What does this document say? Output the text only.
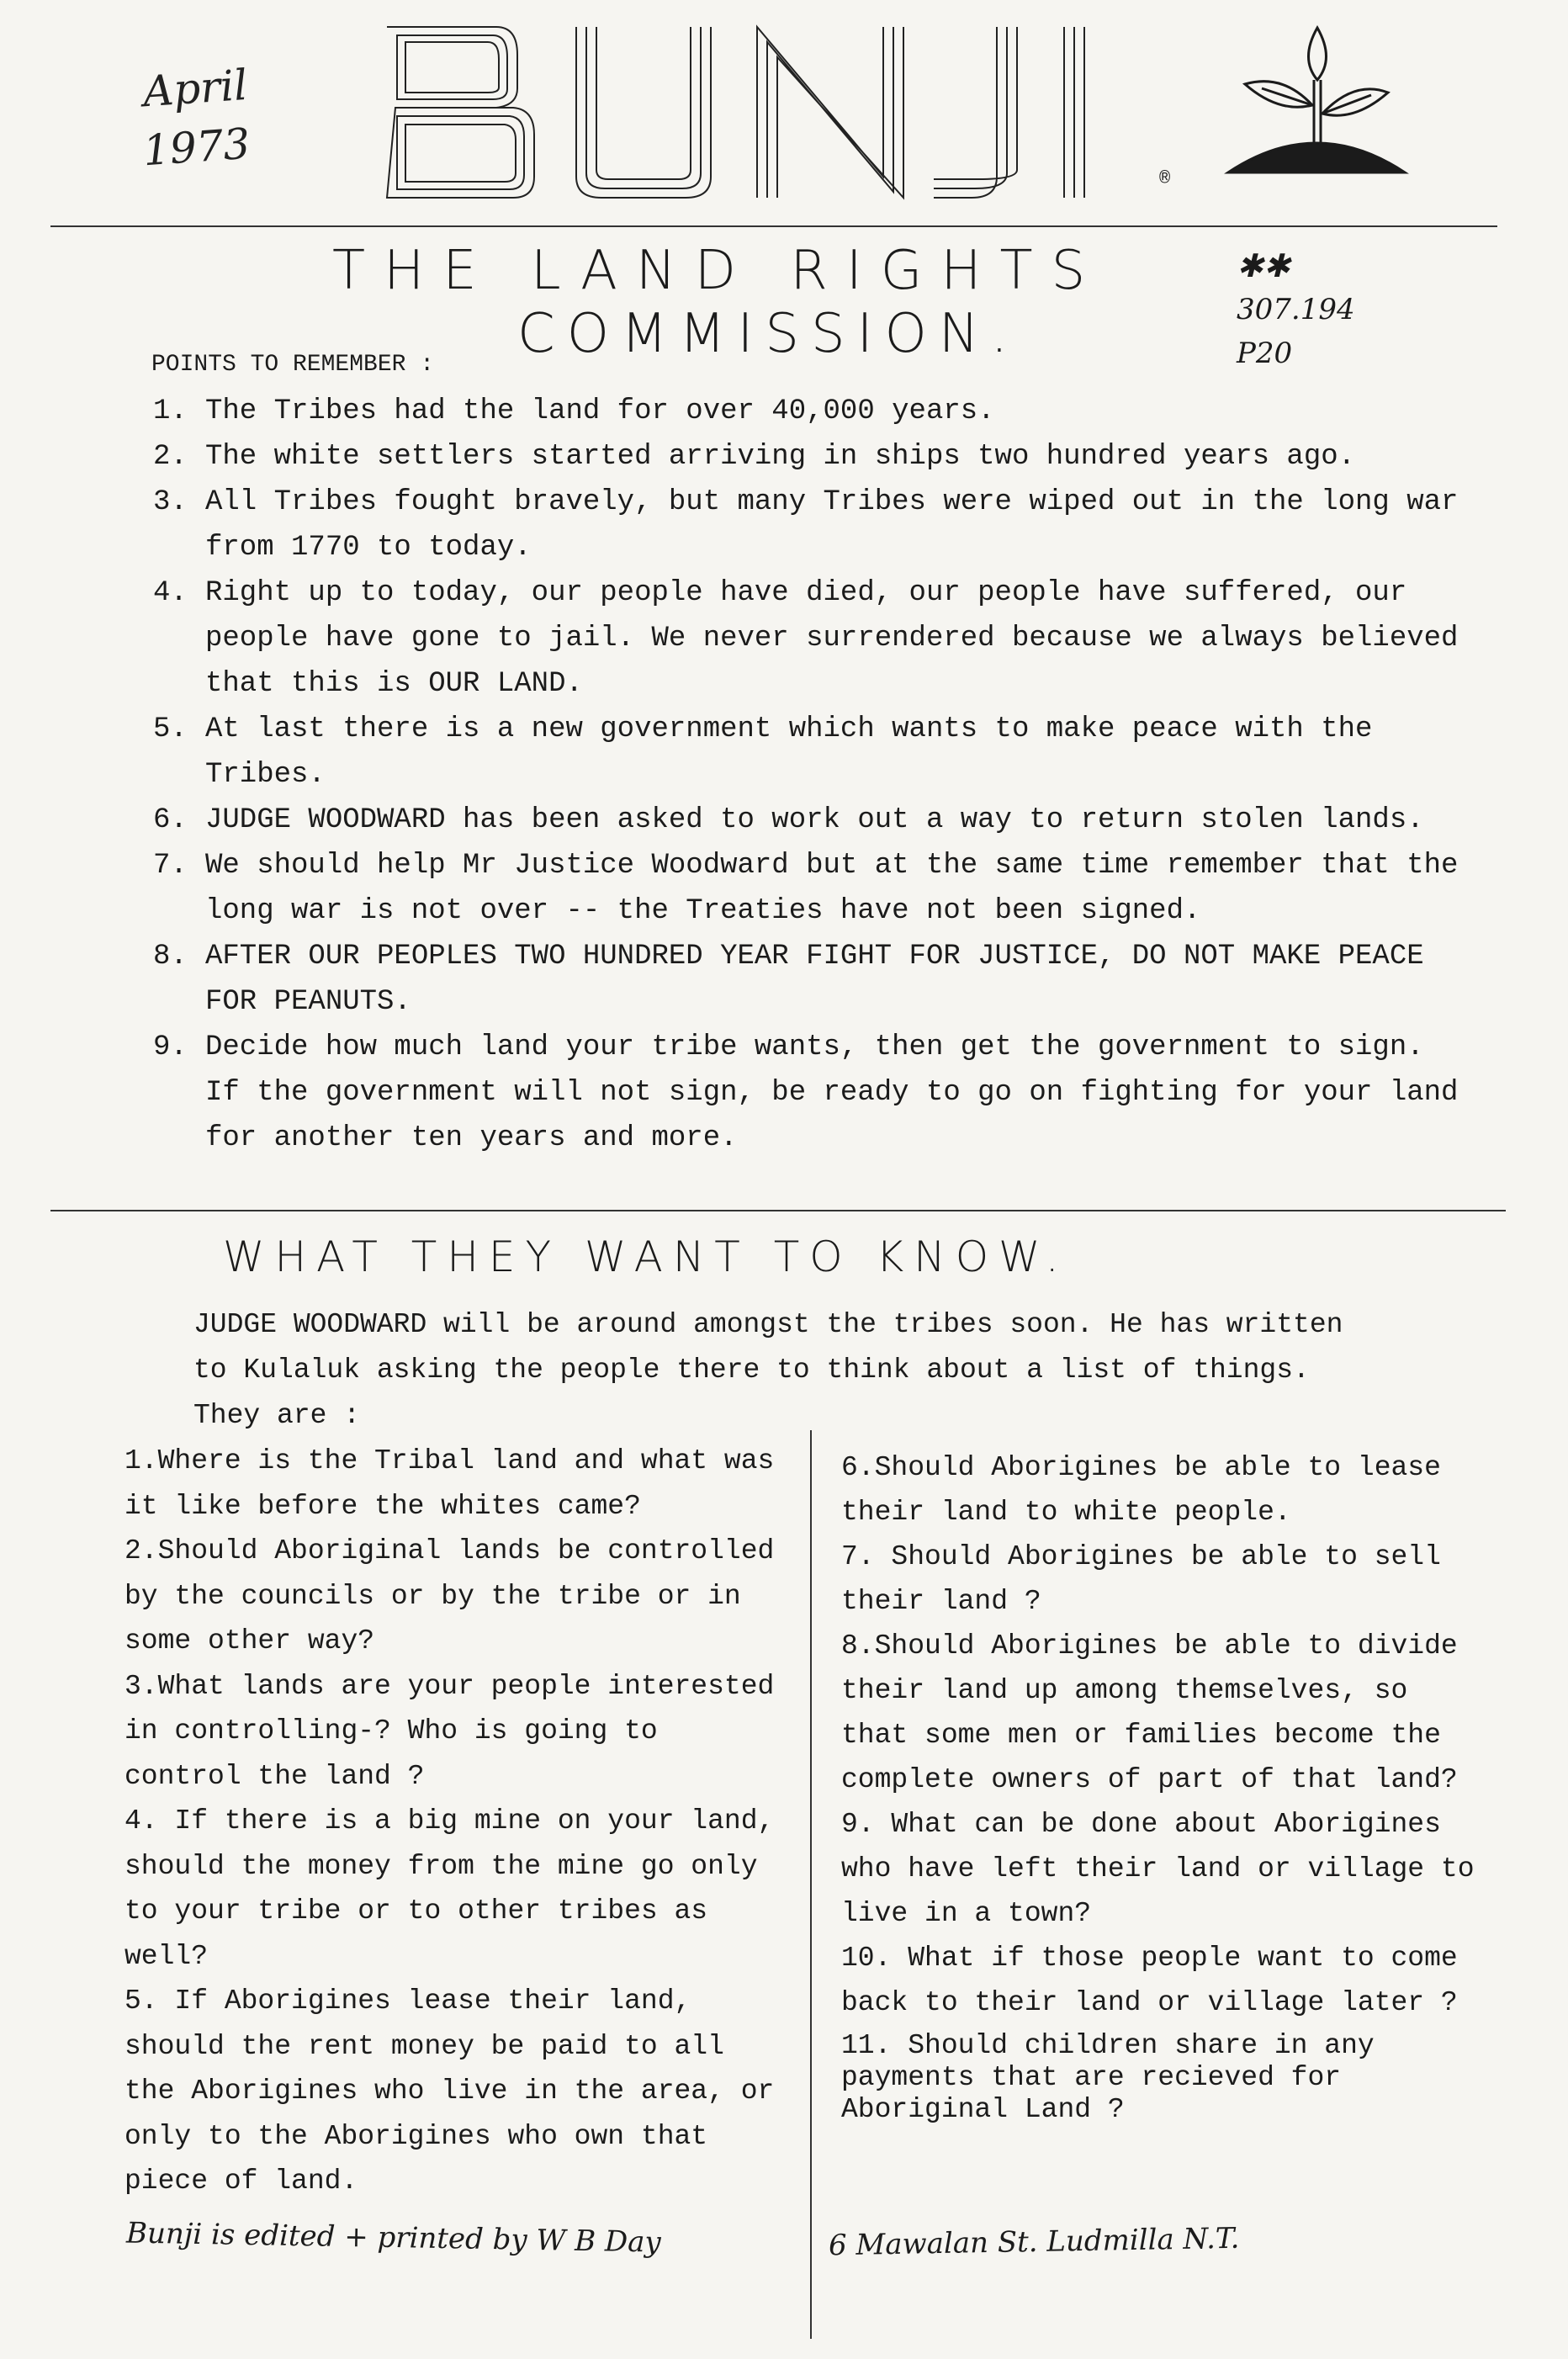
April
1973
®
THE LAND RIGHTS
COMMISSION.
✱✱
307.194
P20
POINTS TO REMEMBER :
1. The Tribes had the land for over 40,000 years.
2. The white settlers started arriving in ships two hundred years ago.
3. All Tribes fought bravely, but many Tribes were wiped out in the long war from 1770 to today.
4. Right up to today, our people have died, our people have suffered, our people have gone to jail. We never surrendered because we always believed that this is OUR LAND.
5. At last there is a new government which wants to make peace with the Tribes.
6. JUDGE WOODWARD has been asked to work out a way to return stolen lands.
7. We should help Mr Justice Woodward but at the same time remember that the long war is not over -- the Treaties have not been signed.
8. AFTER OUR PEOPLES TWO HUNDRED YEAR FIGHT FOR JUSTICE, DO NOT MAKE PEACE FOR PEANUTS.
9. Decide how much land your tribe wants, then get the government to sign. If the government will not sign, be ready to go on fighting for your land for another ten years and more.
WHAT THEY WANT TO KNOW.
JUDGE WOODWARD will be around amongst the tribes soon. He has written to Kulaluk asking the people there to think about a list of things. They are :
1.Where is the Tribal land and what was it like before the whites came?
2.Should Aboriginal lands be controlled by the councils or by the tribe or in some other way?
3.What lands are your people interested in controlling-? Who is going to control the land ?
4. If there is a big mine on your land, should the money from the mine go only to your tribe or to other tribes as well?
5. If Aborigines lease their land, should the rent money be paid to all the Aborigines who live in the area, or only to the Aborigines who own that piece of land.
6.Should Aborigines be able to lease their land to white people.
7. Should Aborigines be able to sell their land ?
8.Should Aborigines be able to divide their land up among themselves, so that some men or families become the complete owners of part of that land?
9. What can be done about Aborigines who have left their land or village to live in a town?
10. What if those people want to come back to their land or village later ?
11. Should children share in any payments that are recieved for Aboriginal Land ?
Bunji is edited + printed by W B Day	6 Mawalan St. Ludmilla N.T.
